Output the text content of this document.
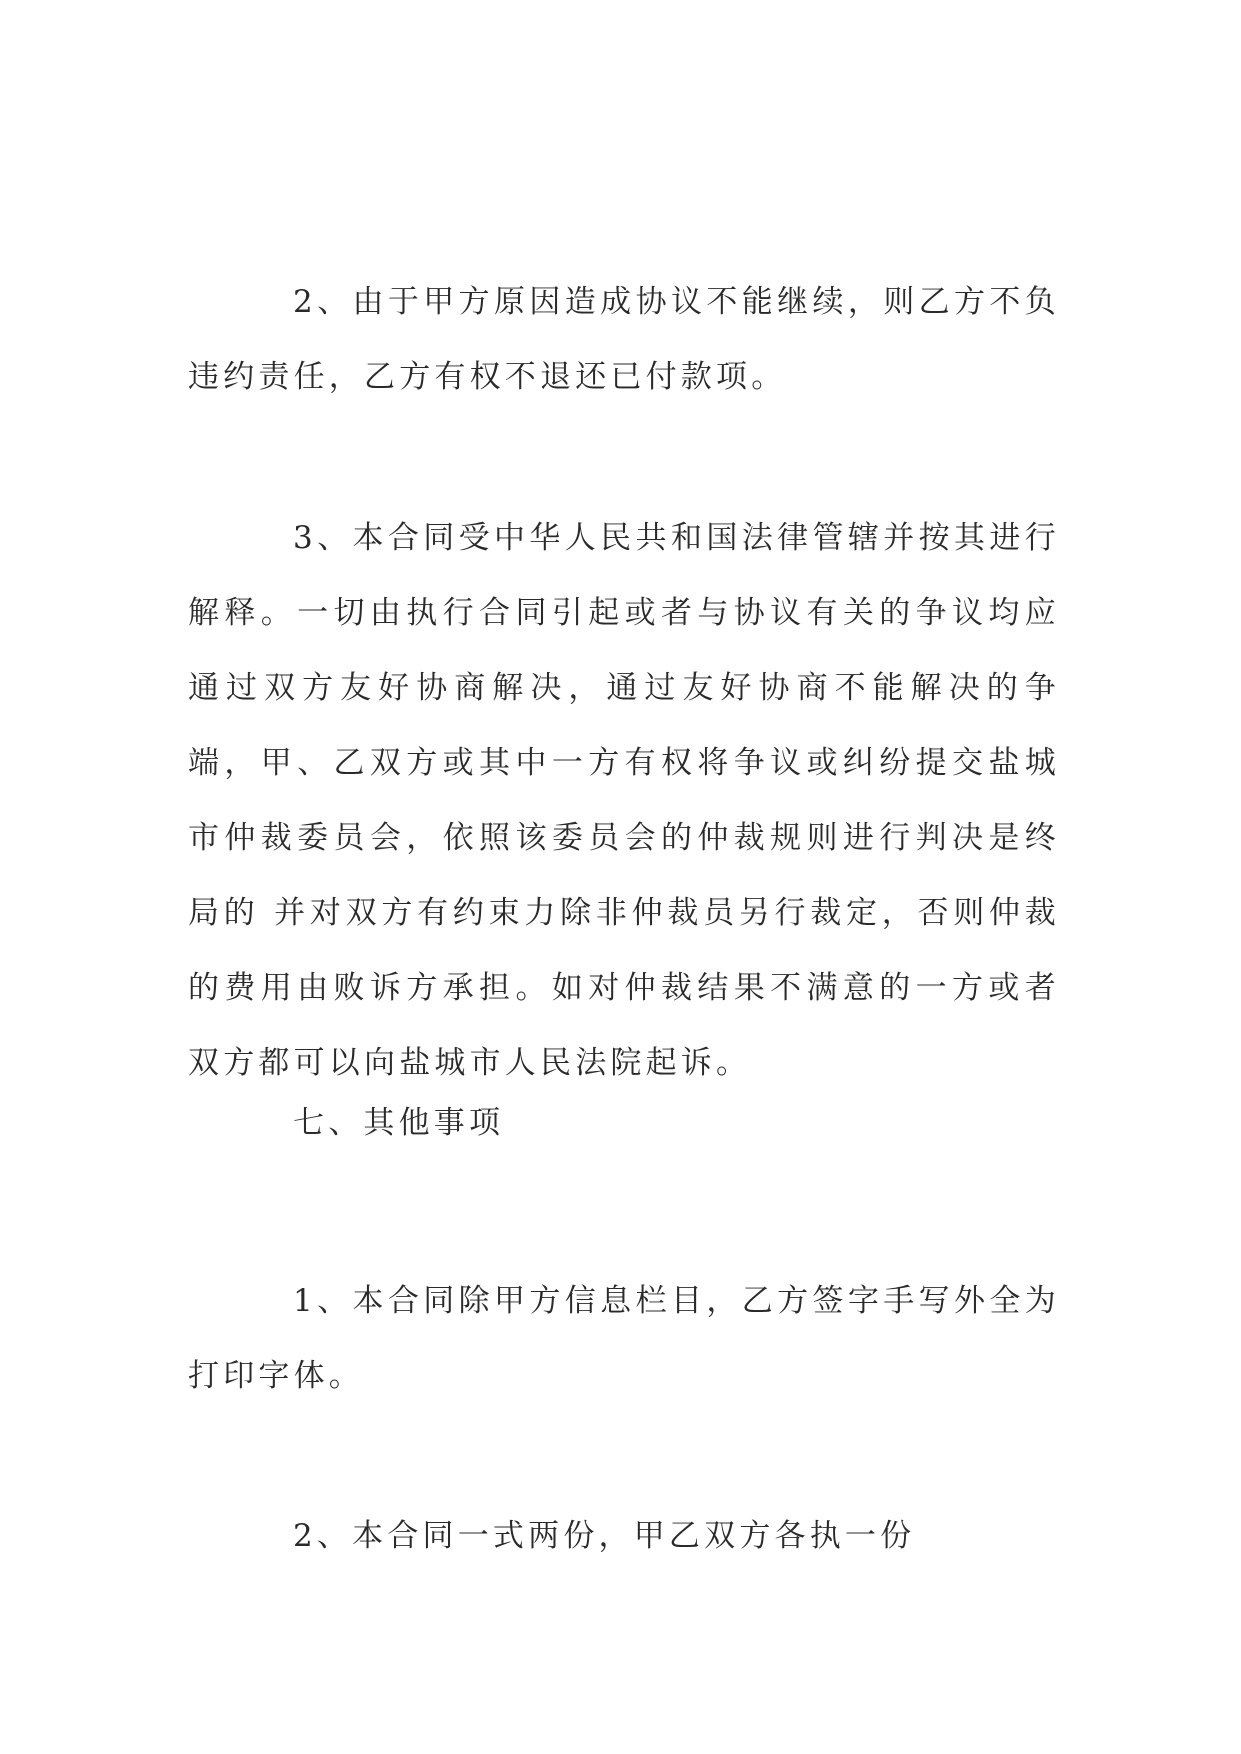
2、由于甲方原因造成协议不能继续，则乙方不负违约责任，乙方有权不退还已付款项。

3、本合同受中华人民共和国法律管辖并按其进行解释。一切由执行合同引起或者与协议有关的争议均应通过双方友好协商解决，通过友好协商不能解决的争端，甲、乙双方或其中一方有权将争议或纠纷提交盐城市仲裁委员会，依照该委员会的仲裁规则进行判决是终局的 并对双方有约束力除非仲裁员另行裁定，否则仲裁的费用由败诉方承担。如对仲裁结果不满意的一方或者双方都可以向盐城市人民法院起诉。

七、其他事项

1、本合同除甲方信息栏目，乙方签字手写外全为打印字体。

2、本合同一式两份，甲乙双方各执一份
